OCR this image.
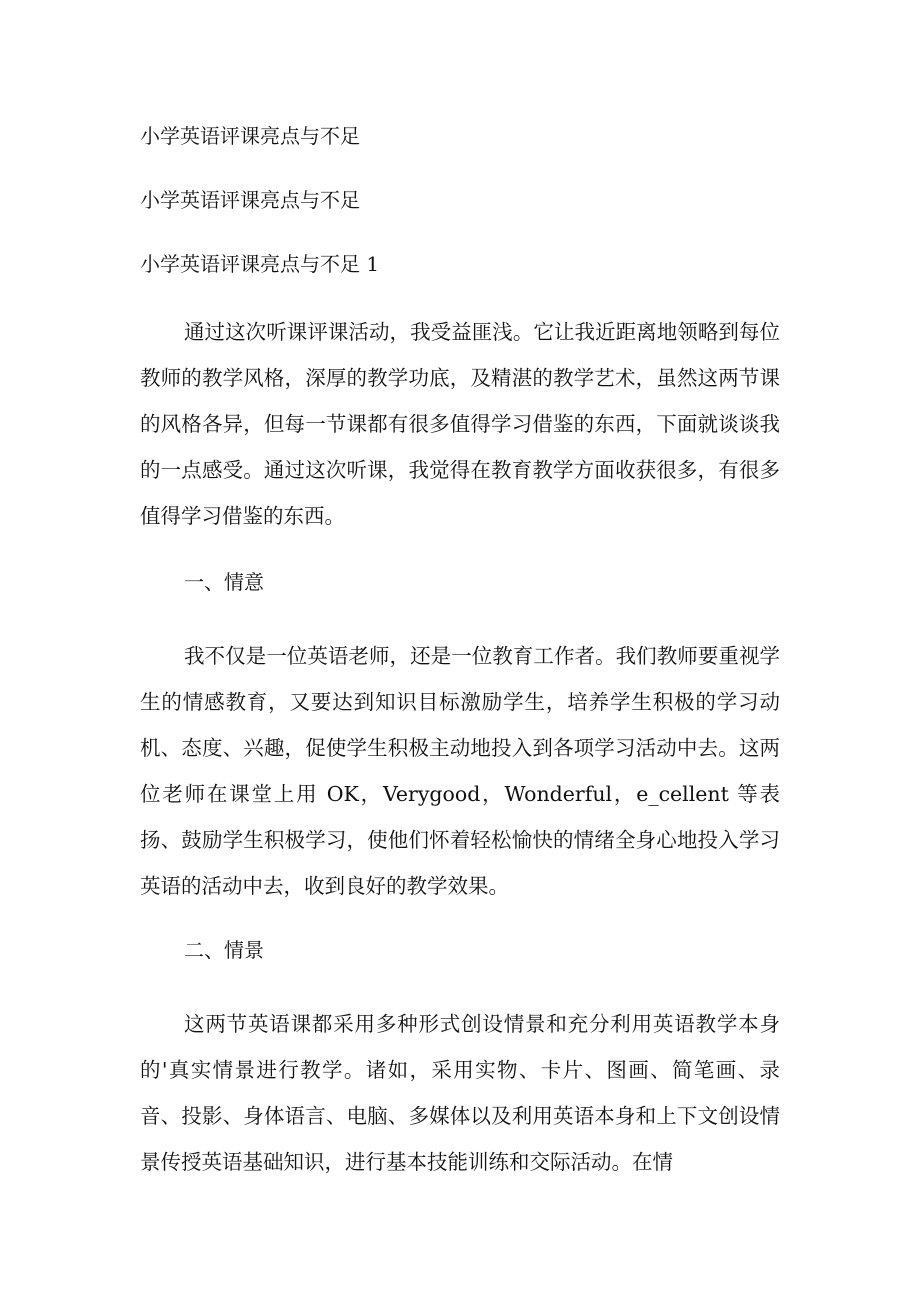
小学英语评课亮点与不足

小学英语评课亮点与不足

小学英语评课亮点与不足 1

通过这次听课评课活动，我受益匪浅。它让我近距离地领略到每位教师的教学风格，深厚的教学功底，及精湛的教学艺术，虽然这两节课的风格各异，但每一节课都有很多值得学习借鉴的东西，下面就谈谈我的一点感受。通过这次听课，我觉得在教育教学方面收获很多，有很多值得学习借鉴的东西。

一、情意

我不仅是一位英语老师，还是一位教育工作者。我们教师要重视学生的情感教育，又要达到知识目标激励学生，培养学生积极的学习动机、态度、兴趣，促使学生积极主动地投入到各项学习活动中去。这两位老师在课堂上用 OK，Verygood，Wonderful，e_cellent 等表扬、鼓励学生积极学习，使他们怀着轻松愉快的情绪全身心地投入学习英语的活动中去，收到良好的教学效果。

二、情景

这两节英语课都采用多种形式创设情景和充分利用英语教学本身的'真实情景进行教学。诸如，采用实物、卡片、图画、简笔画、录音、投影、身体语言、电脑、多媒体以及利用英语本身和上下文创设情景传授英语基础知识，进行基本技能训练和交际活动。在情
